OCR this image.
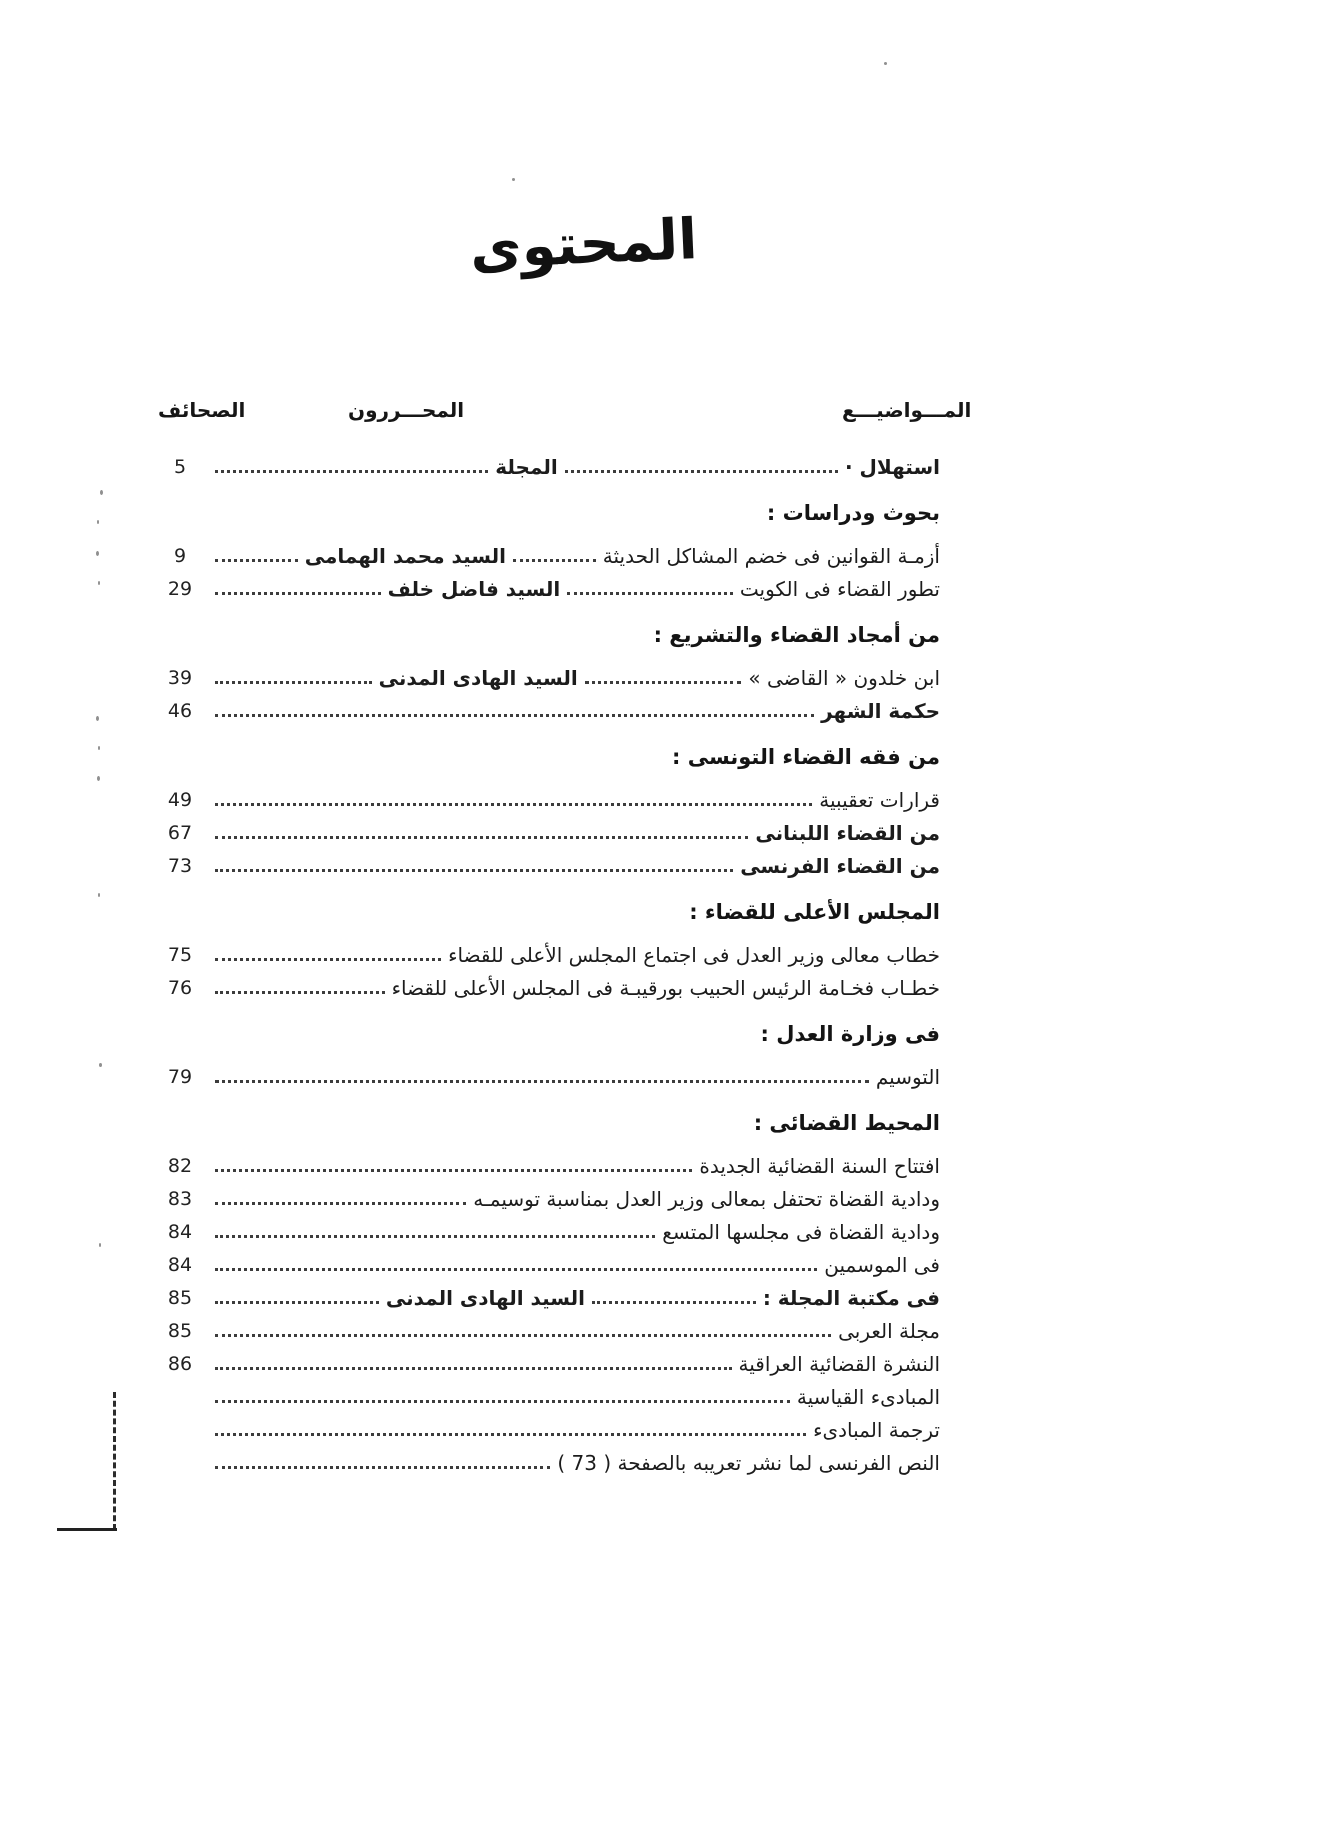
المحتوى
الصحائف	المحـــررون	المـــواضيـــع
استهلال ·
المجلة
5
بحوث ودراسات :
أزمـة القوانين فى خضم المشاكل الحديثة
السيد محمد الهمامى
9
تطور القضاء فى الكويت
السيد فاضل خلف
29
من أمجاد القضاء والتشريع :
ابن خلدون « القاضى »
السيد الهادى المدنى
39
حكمة الشهر
46
من فقه القضاء التونسى :
قرارات تعقيبية
49
من القضاء اللبنانى
67
من القضاء الفرنسى
73
المجلس الأعلى للقضاء :
خطاب معالى وزير العدل فى اجتماع المجلس الأعلى للقضاء
75
خطـاب فخـامة الرئيس الحبيب بورقيبـة فى المجلس الأعلى للقضاء
76
فى وزارة العدل :
التوسيم
79
المحيط القضائى :
افتتاح السنة القضائية الجديدة
82
ودادية القضاة تحتفل بمعالى وزير العدل بمناسبة توسيمـه
83
ودادية القضاة فى مجلسها المتسع
84
فى الموسمين
84
فى مكتبة المجلة :
السيد الهادى المدنى
85
مجلة العربى
85
النشرة القضائية العراقية
86
المبادىء القياسية
ترجمة المبادىء
النص الفرنسى لما نشر تعريبه بالصفحة ( 73 )
